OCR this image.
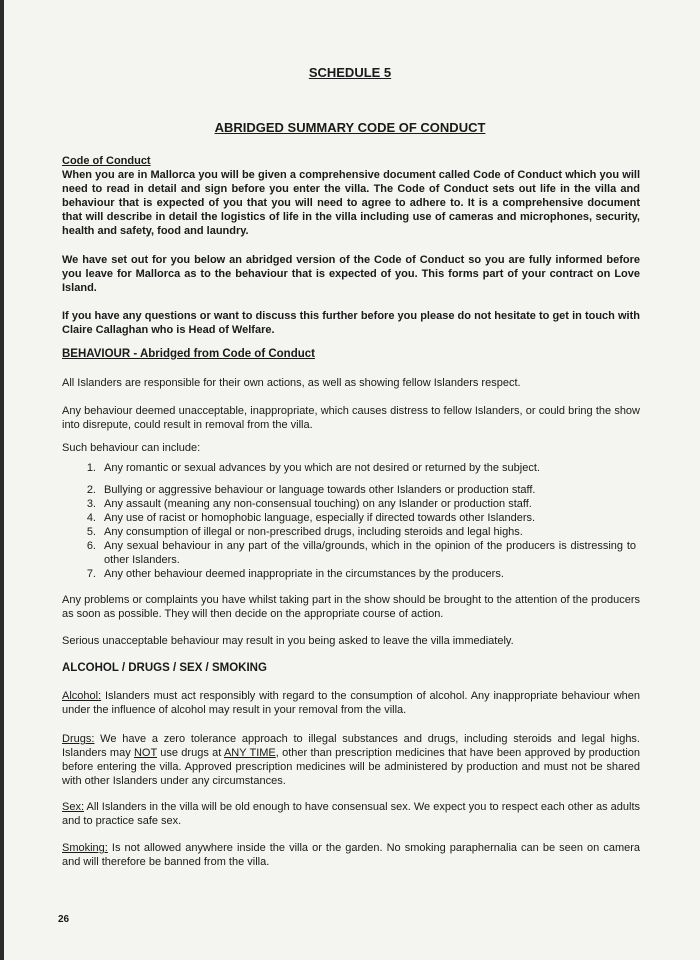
SCHEDULE 5
ABRIDGED SUMMARY CODE OF CONDUCT
Code of Conduct
When you are in Mallorca you will be given a comprehensive document called Code of Conduct which you will need to read in detail and sign before you enter the villa. The Code of Conduct sets out life in the villa and behaviour that is expected of you that you will need to agree to adhere to. It is a comprehensive document that will describe in detail the logistics of life in the villa including use of cameras and microphones, security, health and safety, food and laundry.
We have set out for you below an abridged version of the Code of Conduct so you are fully informed before you leave for Mallorca as to the behaviour that is expected of you. This forms part of your contract on Love Island.
If you have any questions or want to discuss this further before you please do not hesitate to get in touch with Claire Callaghan who is Head of Welfare.
BEHAVIOUR - Abridged from Code of Conduct
All Islanders are responsible for their own actions, as well as showing fellow Islanders respect.
Any behaviour deemed unacceptable, inappropriate, which causes distress to fellow Islanders, or could bring the show into disrepute, could result in removal from the villa.
Such behaviour can include:
1. Any romantic or sexual advances by you which are not desired or returned by the subject.
2. Bullying or aggressive behaviour or language towards other Islanders or production staff.
3. Any assault (meaning any non-consensual touching) on any Islander or production staff.
4. Any use of racist or homophobic language, especially if directed towards other Islanders.
5. Any consumption of illegal or non-prescribed drugs, including steroids and legal highs.
6. Any sexual behaviour in any part of the villa/grounds, which in the opinion of the producers is distressing to other Islanders.
7. Any other behaviour deemed inappropriate in the circumstances by the producers.
Any problems or complaints you have whilst taking part in the show should be brought to the attention of the producers as soon as possible. They will then decide on the appropriate course of action.
Serious unacceptable behaviour may result in you being asked to leave the villa immediately.
ALCOHOL / DRUGS / SEX / SMOKING
Alcohol: Islanders must act responsibly with regard to the consumption of alcohol. Any inappropriate behaviour when under the influence of alcohol may result in your removal from the villa.
Drugs: We have a zero tolerance approach to illegal substances and drugs, including steroids and legal highs. Islanders may NOT use drugs at ANY TIME, other than prescription medicines that have been approved by production before entering the villa. Approved prescription medicines will be administered by production and must not be shared with other Islanders under any circumstances.
Sex: All Islanders in the villa will be old enough to have consensual sex. We expect you to respect each other as adults and to practice safe sex.
Smoking: Is not allowed anywhere inside the villa or the garden. No smoking paraphernalia can be seen on camera and will therefore be banned from the villa.
26
